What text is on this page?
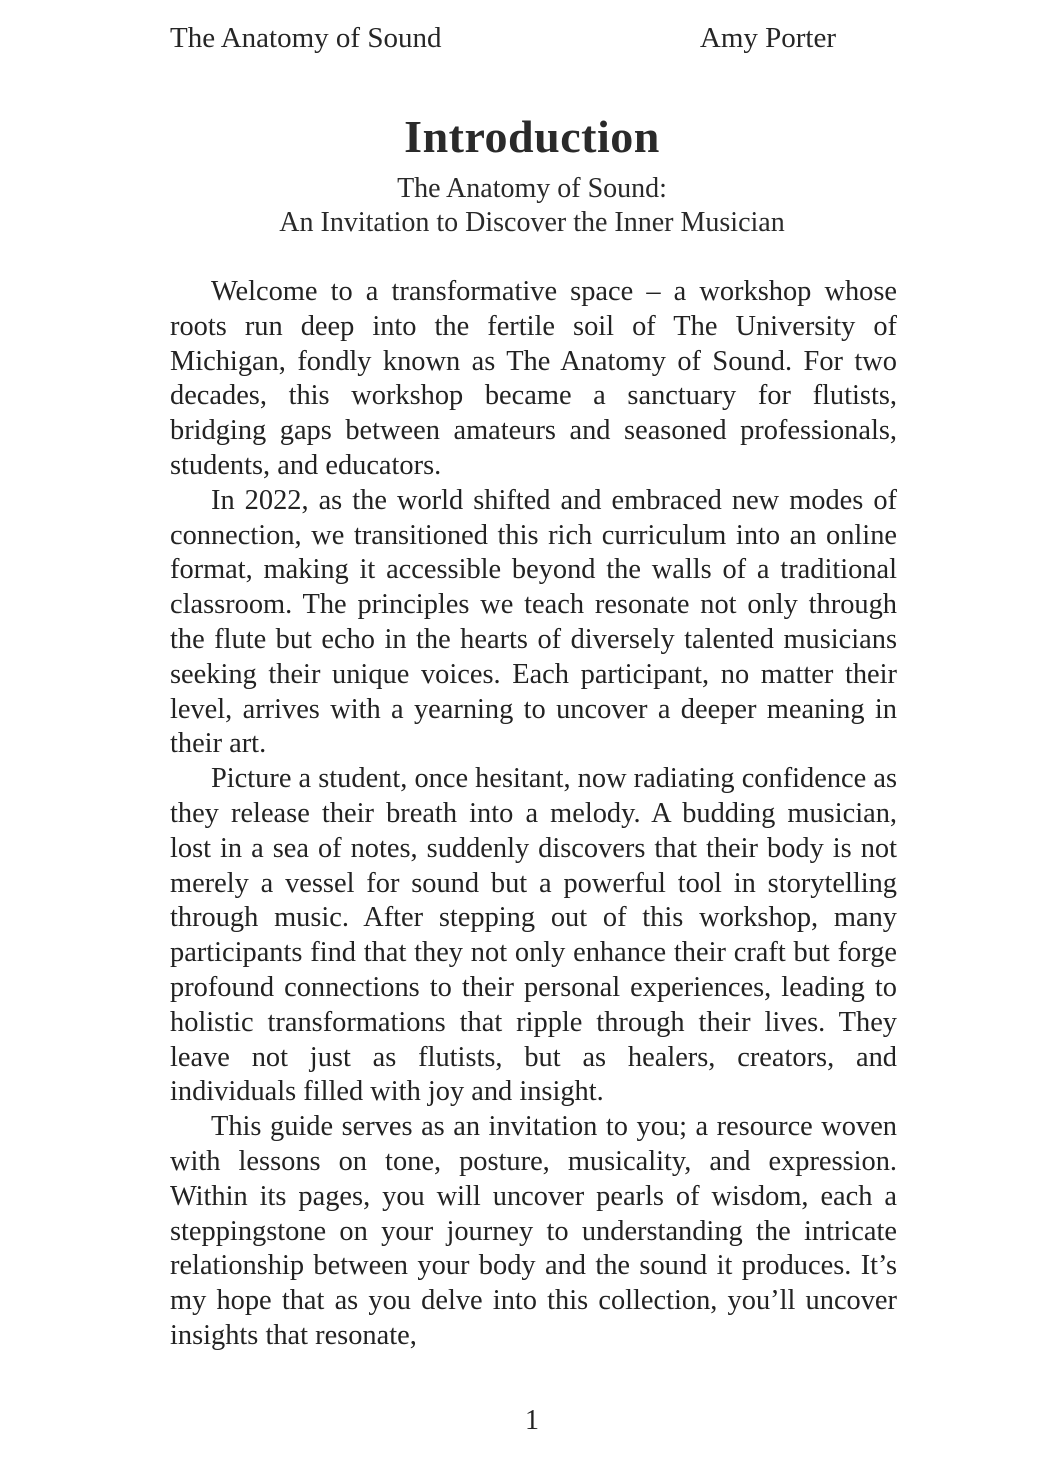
The Anatomy of Sound	Amy Porter
Introduction
The Anatomy of Sound:
An Invitation to Discover the Inner Musician

Welcome to a transformative space – a workshop whose roots run deep into the fertile soil of The University of Michigan, fondly known as The Anatomy of Sound. For two decades, this workshop became a sanctuary for flutists, bridging gaps between amateurs and seasoned professionals, students, and educators.

In 2022, as the world shifted and embraced new modes of connection, we transitioned this rich curriculum into an online format, making it accessible beyond the walls of a traditional classroom. The principles we teach resonate not only through the flute but echo in the hearts of diversely talented musicians seeking their unique voices. Each participant, no matter their level, arrives with a yearning to uncover a deeper meaning in their art.

Picture a student, once hesitant, now radiating confidence as they release their breath into a melody. A budding musician, lost in a sea of notes, suddenly discovers that their body is not merely a vessel for sound but a powerful tool in storytelling through music. After stepping out of this workshop, many participants find that they not only enhance their craft but forge profound connections to their personal experiences, leading to holistic transformations that ripple through their lives. They leave not just as flutists, but as healers, creators, and individuals filled with joy and insight.

This guide serves as an invitation to you; a resource woven with lessons on tone, posture, musicality, and expression. Within its pages, you will uncover pearls of wisdom, each a steppingstone on your journey to understanding the intricate relationship between your body and the sound it produces. It’s my hope that as you delve into this collection, you’ll uncover insights that resonate,

1
